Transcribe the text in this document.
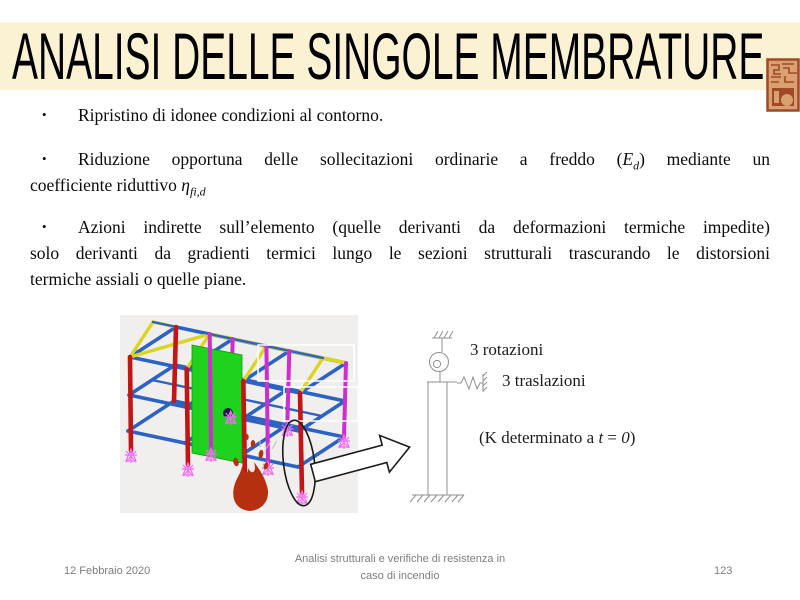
ANALISI DELLE SINGOLE MEMBRATURE
•	Ripristino di idonee condizioni al contorno.
•	Riduzione opportuna delle sollecitazioni ordinarie a freddo $(E_d)$ mediante un
coefficiente riduttivo $\eta_{fi,d}$
•	Azioni indirette sull’elemento (quelle derivanti da deformazioni termiche impedite)
solo derivanti da gradienti termici lungo le sezioni strutturali trascurando le distorsioni
termiche assiali o quelle piane.
3 rotazioni
3 traslazioni
(K determinato a t = 0)
12 Febbraio 2020
Analisi strutturali e verifiche di resistenza in
caso di incendio	123
